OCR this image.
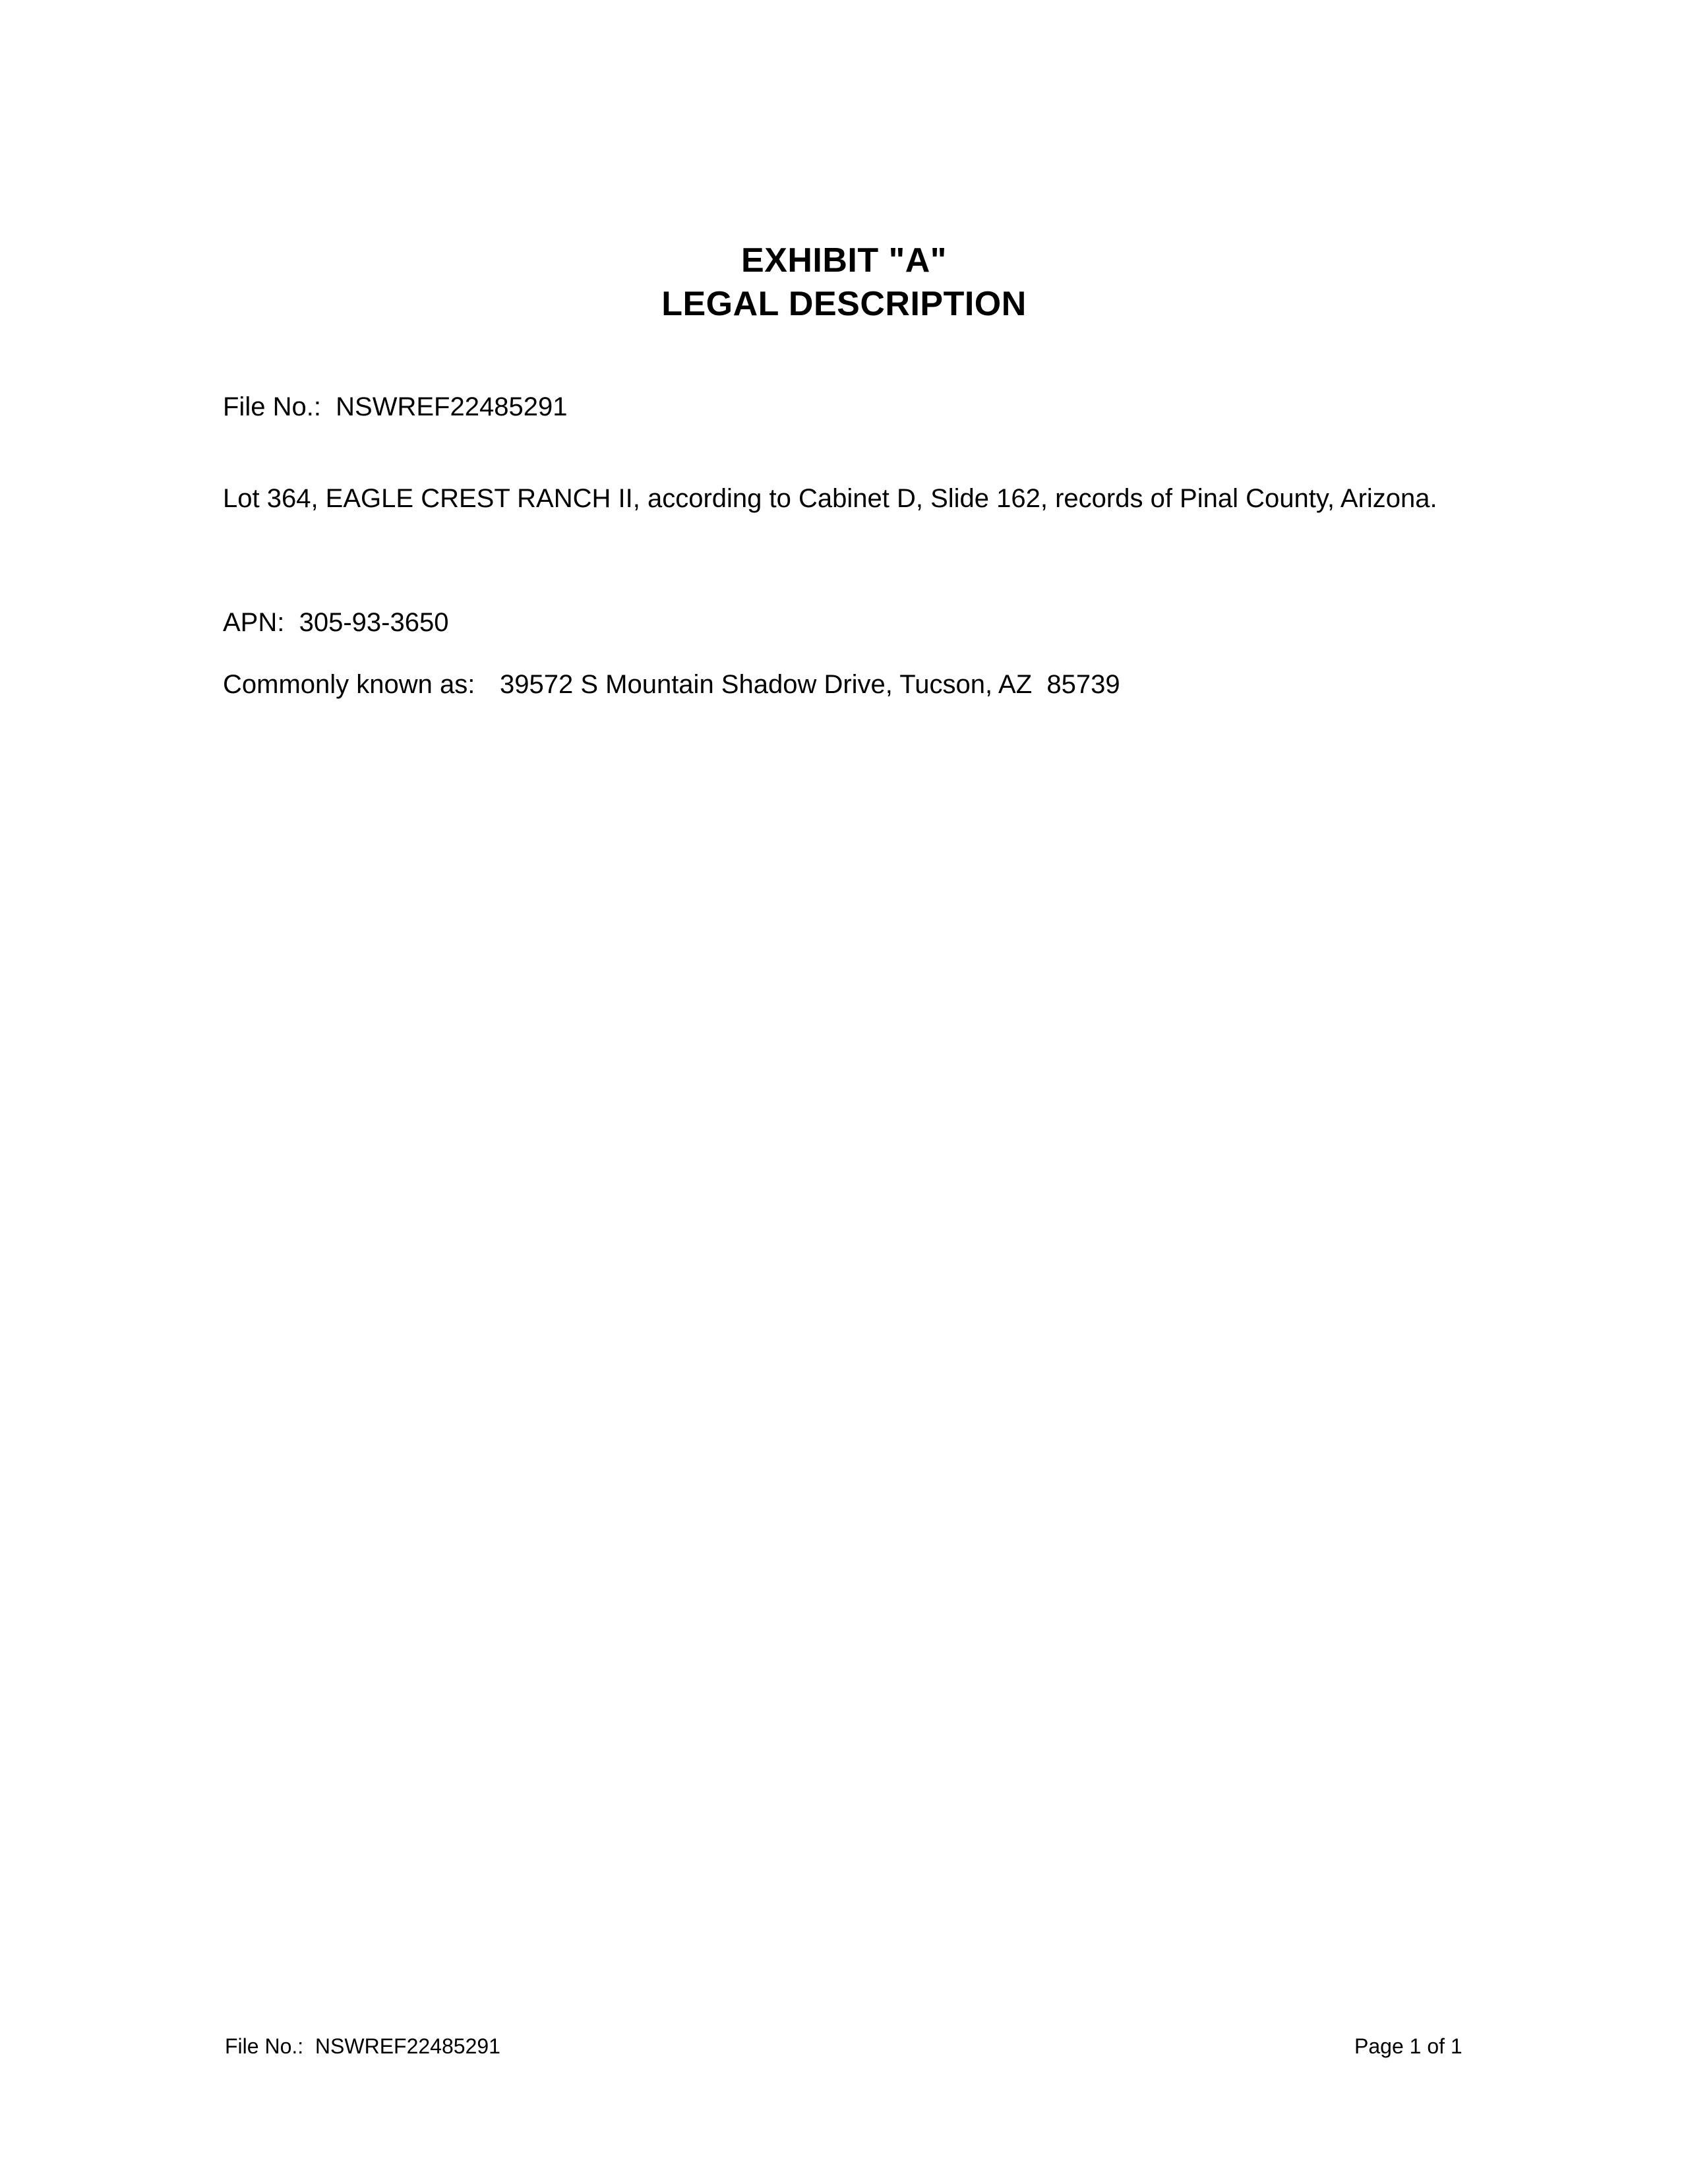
EXHIBIT "A"
LEGAL DESCRIPTION
File No.: NSWREF22485291
Lot 364, EAGLE CREST RANCH II, according to Cabinet D, Slide 162, records of Pinal County, Arizona.
APN: 305-93-3650
Commonly known as: 39572 S Mountain Shadow Drive, Tucson, AZ  85739
File No.: NSWREF22485291	Page 1 of 1
